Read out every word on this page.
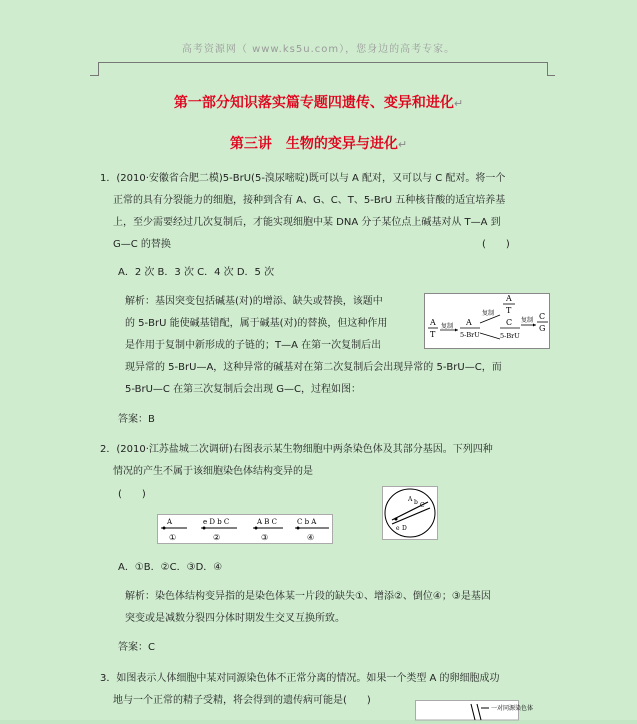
高考资源网（ www.ks5u.com），您身边的高考专家。
第一部分知识落实篇专题四遗传、变异和进化↵
第三讲　生物的变异与进化↵
1．(2010·安徽省合肥二模)5-BrU(5-溴尿嘧啶)既可以与 A 配对，又可以与 C 配对。将一个
正常的具有分裂能力的细胞，接种到含有 A、G、C、T、5-BrU 五种核苷酸的适宜培养基
上，至少需要经过几次复制后，才能实现细胞中某 DNA 分子某位点上碱基对从 T—A 到
G—C 的替换	(　　)
A．2 次 B．3 次 C．4 次 D．5 次
解析：基因突变包括碱基(对)的增添、缺失或替换，该题中
的 5-BrU 能使碱基错配，属于碱基(对)的替换，但这种作用
是作用于复制中新形成的子链的；T—A 在第一次复制后出
现异常的 5-BrU—A，这种异常的碱基对在第二次复制后会出现异常的 5-BrU—C，而
5-BrU—C 在第三次复制后会出现 G—C，过程如图：
答案：B
A
T
复制 A
5-BrU
复制
A
T
C
5-BrU
复制 C
G
2．(2010·江苏盐城二次调研)右图表示某生物细胞中两条染色体及其部分基因。下列四种
情况的产生不属于该细胞染色体结构变异的是
(　　)
A
①
e D b C
②
A B C
③
C b A
④
A b C
e D
A．①B．②C．③D．④
解析：染色体结构变异指的是染色体某一片段的缺失①、增添②、倒位④；③是基因
突变或是减数分裂四分体时期发生交叉互换所致。
答案：C
3．如图表示人体细胞中某对同源染色体不正常分离的情况。如果一个类型 A 的卵细胞成功
地与一个正常的精子受精，将会得到的遗传病可能是(　　)
一对同源染色体
